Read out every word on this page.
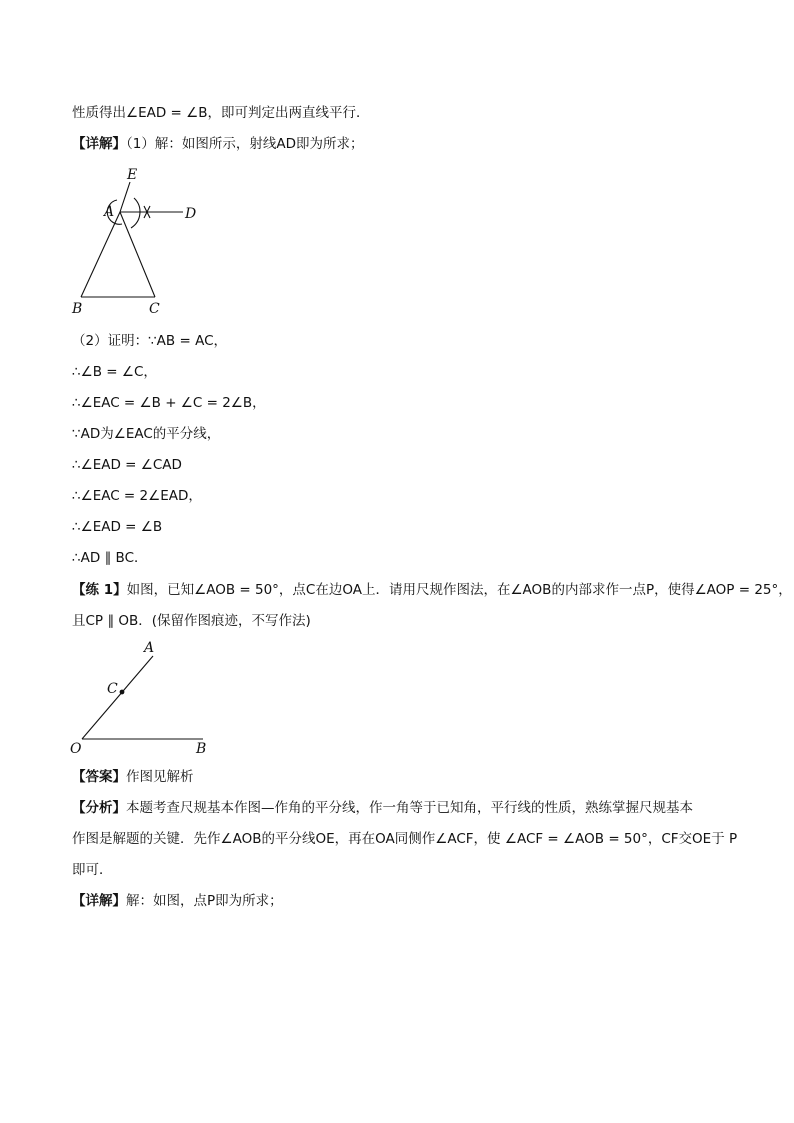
性质得出∠EAD = ∠B，即可判定出两直线平行．
【详解】（1）解：如图所示，射线AD即为所求；
E
A	D
B	C
（2）证明：∵AB = AC，
∴∠B = ∠C，
∴∠EAC = ∠B + ∠C = 2∠B，
∵AD为∠EAC的平分线，
∴∠EAD = ∠CAD
∴∠EAC = 2∠EAD，
∴∠EAD = ∠B
∴AD ∥ BC．
【练 1】如图，已知∠AOB = 50°，点C在边OA上．请用尺规作图法，在∠AOB的内部求作一点P，使得∠AOP = 25°，
且CP ∥ OB．(保留作图痕迹，不写作法)
A
C
O	B
【答案】作图见解析
【分析】本题考查尺规基本作图—作角的平分线，作一角等于已知角，平行线的性质，熟练掌握尺规基本
作图是解题的关键．先作∠AOB的平分线OE，再在OA同侧作∠ACF，使 ∠ACF = ∠AOB = 50°，CF交OE于 P
即可．
【详解】解：如图，点P即为所求；
